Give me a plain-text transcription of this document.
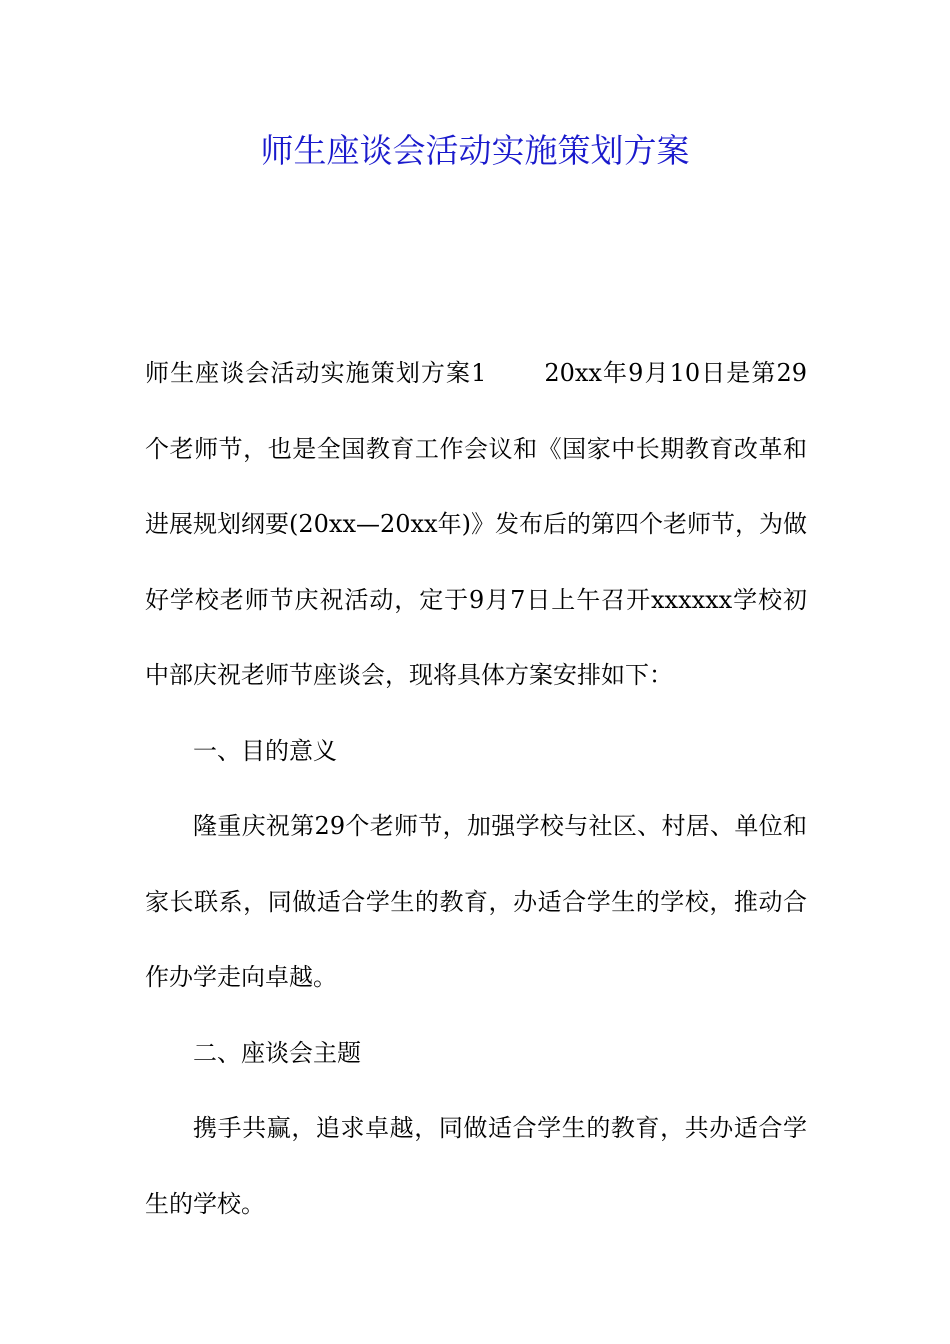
师生座谈会活动实施策划方案

师生座谈会活动实施策划方案1 20xx年9月10日是第29个老师节，也是全国教育工作会议和《国家中长期教育改革和进展规划纲要(20xx—20xx年)》发布后的第四个老师节，为做好学校老师节庆祝活动，定于9月7日上午召开xxxxxx学校初中部庆祝老师节座谈会，现将具体方案安排如下：

一、目的意义

隆重庆祝第29个老师节，加强学校与社区、村居、单位和家长联系，同做适合学生的教育，办适合学生的学校，推动合作办学走向卓越。

二、座谈会主题

携手共赢，追求卓越，同做适合学生的教育，共办适合学生的学校。
